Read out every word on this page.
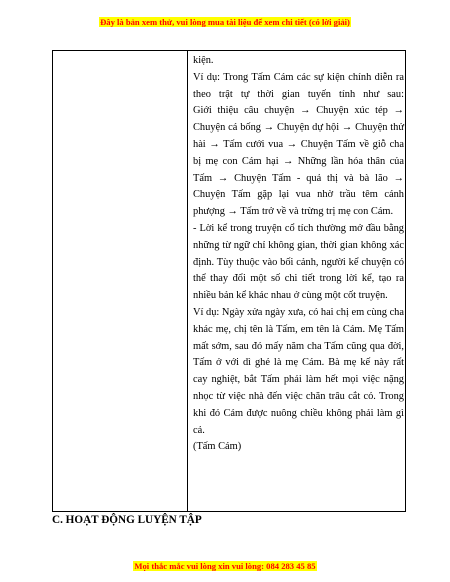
Đây là bản xem thử, vui lòng mua tài liệu để xem chi tiết (có lời giải)

kiện.

Ví dụ: Trong Tấm Cám các sự kiện chính diễn ra theo trật tự thời gian tuyến tính như sau:

Giới thiệu câu chuyện → Chuyện xúc tép → Chuyện cá bống → Chuyện dự hội → Chuyện thử hài → Tấm cưới vua → Chuyện Tấm về giỗ cha bị mẹ con Cám hại → Những lần hóa thân của Tấm → Chuyện Tấm - quả thị và bà lão → Chuyện Tấm gặp lại vua nhờ trầu têm cánh phượng → Tấm trở về và trừng trị mẹ con Cám.

- Lời kể trong truyện cổ tích thường mở đầu bằng những từ ngữ chỉ không gian, thời gian không xác định. Tùy thuộc vào bối cảnh, người kể chuyện có thể thay đổi một số chi tiết trong lời kể, tạo ra nhiều bản kể khác nhau ở cùng một cốt truyện.

Ví dụ: Ngày xửa ngày xưa, có hai chị em cùng cha khác mẹ, chị tên là Tấm, em tên là Cám. Mẹ Tấm mất sớm, sau đó mấy năm cha Tấm cũng qua đời, Tấm ở với dì ghẻ là mẹ Cám. Bà mẹ kế này rất cay nghiệt, bắt Tấm phải làm hết mọi việc nặng nhọc từ việc nhà đến việc chăn trâu cắt cỏ. Trong khi đó Cám được nuông chiều không phải làm gì cả.

(Tấm Cám)

C. HOẠT ĐỘNG LUYỆN TẬP
Mọi thắc mắc vui lòng xin vui lòng: 084 283 45 85
